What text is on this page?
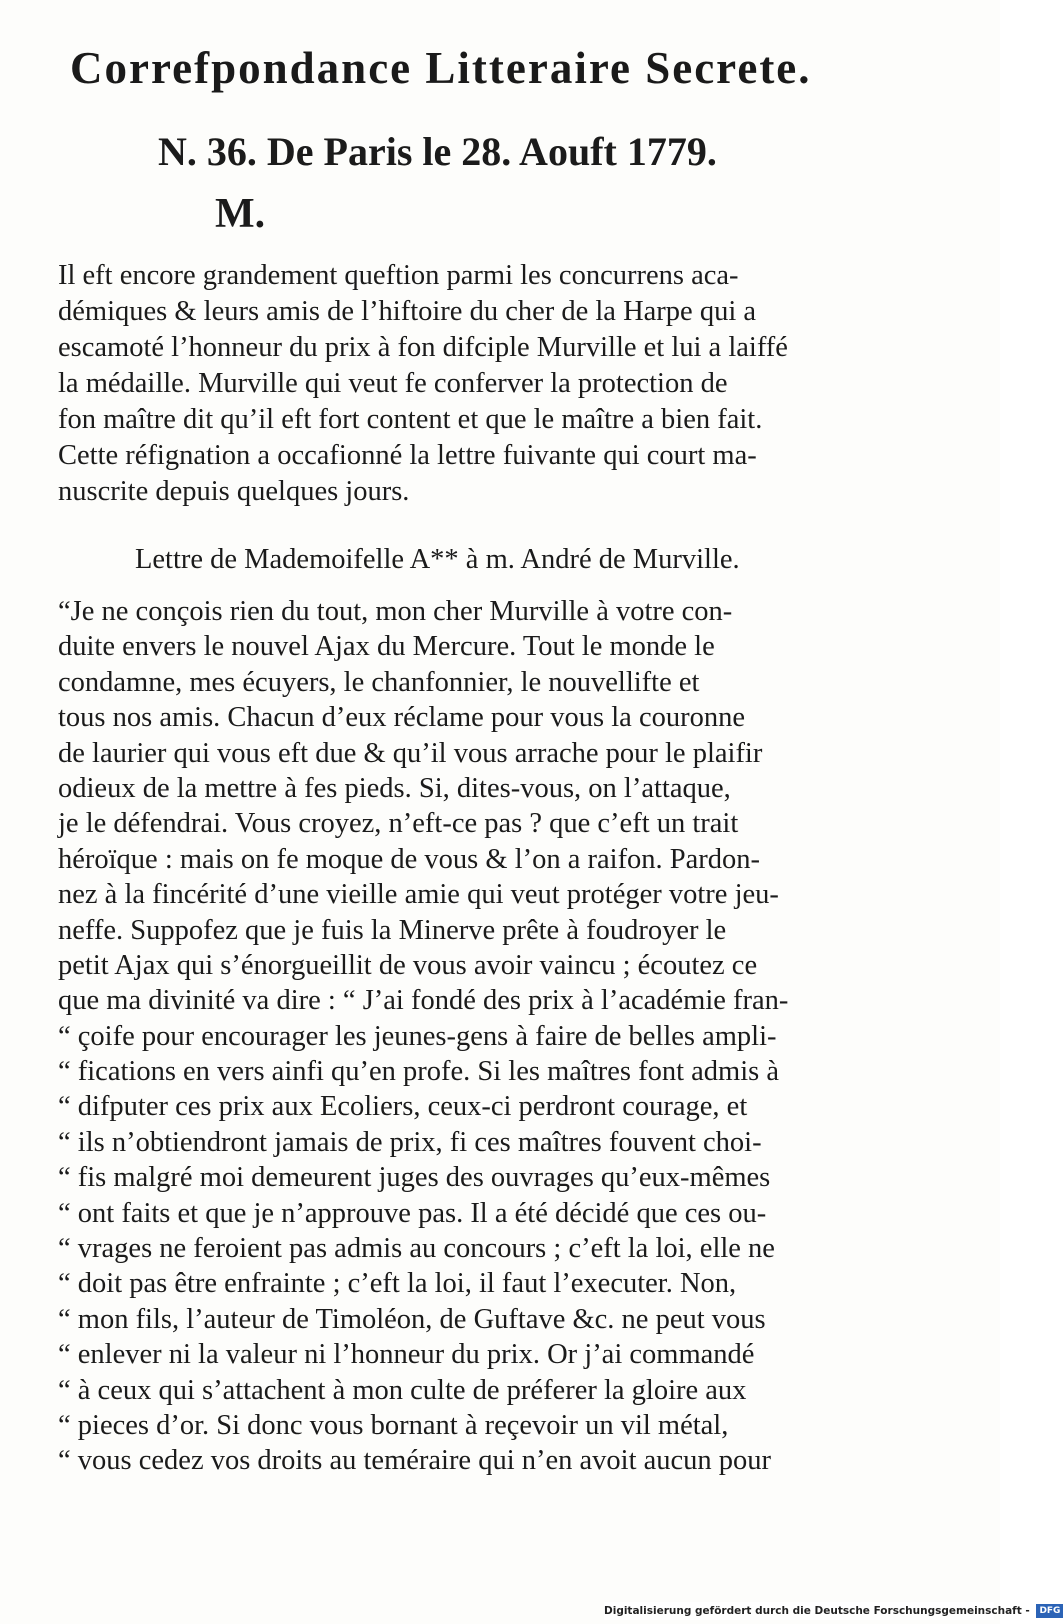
Correfpondance Litteraire Secrete.
N. 36. De Paris le 28. Aouft 1779.
M.
Il eft encore grandement queftion parmi les concurrens aca-
démiques & leurs amis de l’hiftoire du cher de la Harpe qui a
escamoté l’honneur du prix à fon difciple Murville et lui a laiffé
la médaille. Murville qui veut fe conferver la protection de
fon maître dit qu’il eft fort content et que le maître a bien fait.
Cette réfignation a occafionné la lettre fuivante qui court ma-
nuscrite depuis quelques jours.
Lettre de Mademoifelle A** à m. André de Murville.
“Je ne conçois rien du tout, mon cher Murville à votre con-
duite envers le nouvel Ajax du Mercure. Tout le monde le
condamne, mes écuyers, le chanfonnier, le nouvellifte et
tous nos amis. Chacun d’eux réclame pour vous la couronne
de laurier qui vous eft due & qu’il vous arrache pour le plaifir
odieux de la mettre à fes pieds. Si, dites-vous, on l’attaque,
je le défendrai. Vous croyez, n’eft-ce pas ? que c’eft un trait
héroïque : mais on fe moque de vous & l’on a raifon. Pardon-
nez à la fincérité d’une vieille amie qui veut protéger votre jeu-
neffe. Suppofez que je fuis la Minerve prête à foudroyer le
petit Ajax qui s’énorgueillit de vous avoir vaincu ; écoutez ce
que ma divinité va dire : “ J’ai fondé des prix à l’académie fran-
“ çoife pour encourager les jeunes-gens à faire de belles ampli-
“ fications en vers ainfi qu’en profe. Si les maîtres font admis à
“ difputer ces prix aux Ecoliers, ceux-ci perdront courage, et
“ ils n’obtiendront jamais de prix, fi ces maîtres fouvent choi-
“ fis malgré moi demeurent juges des ouvrages qu’eux-mêmes
“ ont faits et que je n’approuve pas. Il a été décidé que ces ou-
“ vrages ne feroient pas admis au concours ; c’eft la loi, elle ne
“ doit pas être enfrainte ; c’eft la loi, il faut l’executer. Non,
“ mon fils, l’auteur de Timoléon, de Guftave &c. ne peut vous
“ enlever ni la valeur ni l’honneur du prix. Or j’ai commandé
“ à ceux qui s’attachent à mon culte de préferer la gloire aux
“ pieces d’or. Si donc vous bornant à reçevoir un vil métal,
“ vous cedez vos droits au teméraire qui n’en avoit aucun pour
Digitalisierung gefördert durch die Deutsche Forschungsgemeinschaft - DFG
